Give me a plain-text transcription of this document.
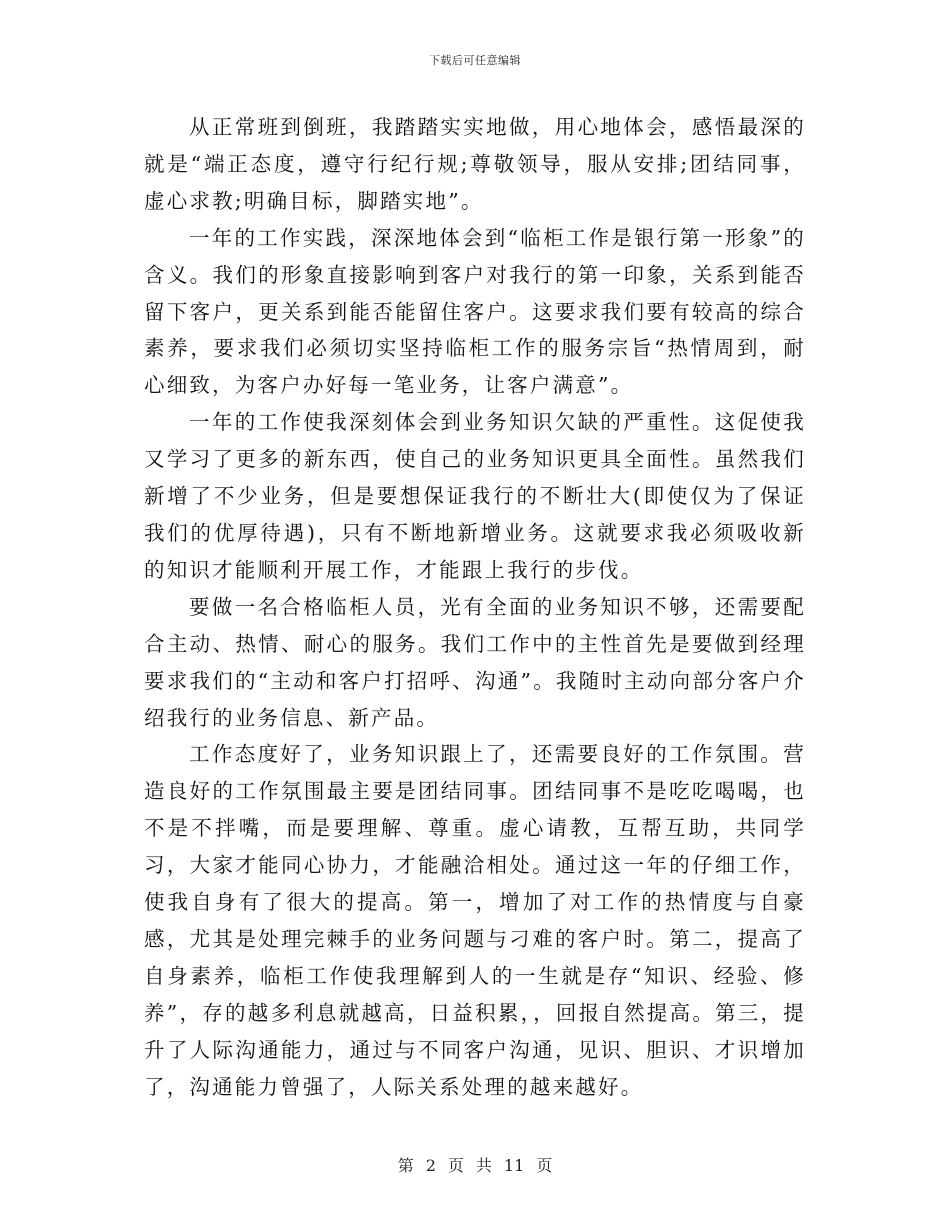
下载后可任意编辑

从正常班到倒班，我踏踏实实地做，用心地体会，感悟最深的就是“端正态度，遵守行纪行规;尊敬领导，服从安排;团结同事，虚心求教;明确目标，脚踏实地”。

一年的工作实践，深深地体会到“临柜工作是银行第一形象”的含义。我们的形象直接影响到客户对我行的第一印象，关系到能否留下客户，更关系到能否能留住客户。这要求我们要有较高的综合素养，要求我们必须切实坚持临柜工作的服务宗旨“热情周到，耐心细致，为客户办好每一笔业务，让客户满意”。

一年的工作使我深刻体会到业务知识欠缺的严重性。这促使我又学习了更多的新东西，使自己的业务知识更具全面性。虽然我们新增了不少业务，但是要想保证我行的不断壮大(即使仅为了保证我们的优厚待遇)，只有不断地新增业务。这就要求我必须吸收新的知识才能顺利开展工作，才能跟上我行的步伐。

要做一名合格临柜人员，光有全面的业务知识不够，还需要配合主动、热情、耐心的服务。我们工作中的主性首先是要做到经理要求我们的“主动和客户打招呼、沟通”。我随时主动向部分客户介绍我行的业务信息、新产品。

工作态度好了，业务知识跟上了，还需要良好的工作氛围。营造良好的工作氛围最主要是团结同事。团结同事不是吃吃喝喝，也不是不拌嘴，而是要理解、尊重。虚心请教，互帮互助，共同学习，大家才能同心协力，才能融洽相处。通过这一年的仔细工作，使我自身有了很大的提高。第一，增加了对工作的热情度与自豪感，尤其是处理完棘手的业务问题与刁难的客户时。第二，提高了自身素养，临柜工作使我理解到人的一生就是存“知识、经验、修养”，存的越多利息就越高，日益积累，，回报自然提高。第三，提升了人际沟通能力，通过与不同客户沟通，见识、胆识、才识增加了，沟通能力曾强了，人际关系处理的越来越好。

第 2 页 共 11 页
